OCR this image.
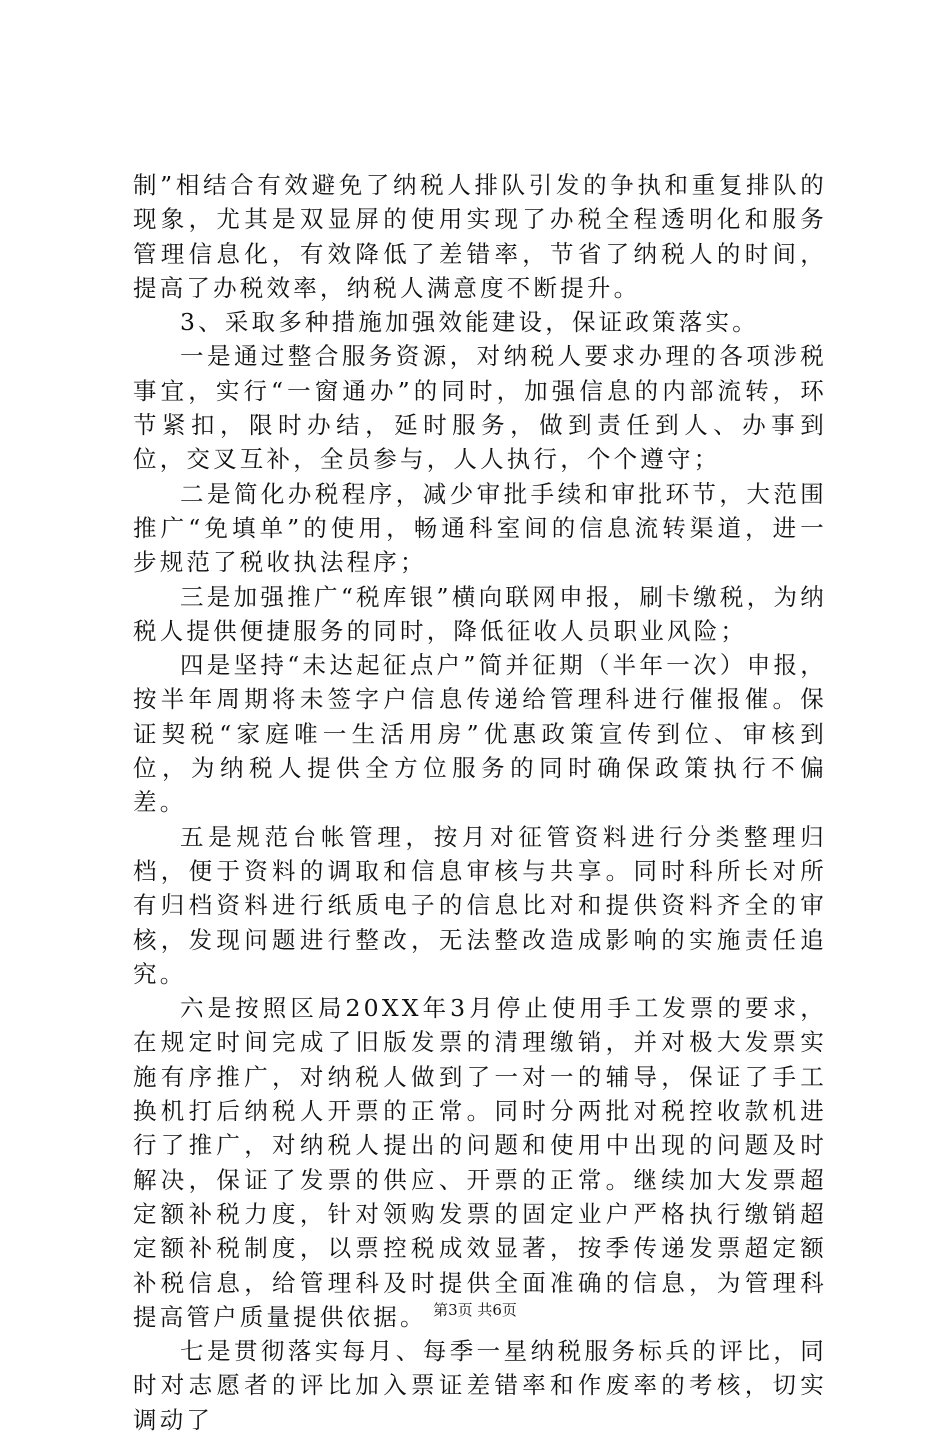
制”相结合有效避免了纳税人排队引发的争执和重复排队的现象，尤其是双显屏的使用实现了办税全程透明化和服务管理信息化，有效降低了差错率，节省了纳税人的时间，提高了办税效率，纳税人满意度不断提升。

3、采取多种措施加强效能建设，保证政策落实。

一是通过整合服务资源，对纳税人要求办理的各项涉税事宜，实行“一窗通办”的同时，加强信息的内部流转，环节紧扣，限时办结，延时服务，做到责任到人、办事到位，交叉互补，全员参与，人人执行，个个遵守；

二是简化办税程序，减少审批手续和审批环节，大范围推广“免填单”的使用，畅通科室间的信息流转渠道，进一步规范了税收执法程序；

三是加强推广“税库银”横向联网申报，刷卡缴税，为纳税人提供便捷服务的同时，降低征收人员职业风险；

四是坚持“未达起征点户”简并征期（半年一次）申报，按半年周期将未签字户信息传递给管理科进行催报催。保证契税“家庭唯一生活用房”优惠政策宣传到位、审核到位，为纳税人提供全方位服务的同时确保政策执行不偏差。

五是规范台帐管理，按月对征管资料进行分类整理归档，便于资料的调取和信息审核与共享。同时科所长对所有归档资料进行纸质电子的信息比对和提供资料齐全的审核，发现问题进行整改，无法整改造成影响的实施责任追究。

六是按照区局20XX年3月停止使用手工发票的要求，在规定时间完成了旧版发票的清理缴销，并对极大发票实施有序推广，对纳税人做到了一对一的辅导，保证了手工换机打后纳税人开票的正常。同时分两批对税控收款机进行了推广，对纳税人提出的问题和使用中出现的问题及时解决，保证了发票的供应、开票的正常。继续加大发票超定额补税力度，针对领购发票的固定业户严格执行缴销超定额补税制度，以票控税成效显著，按季传递发票超定额补税信息，给管理科及时提供全面准确的信息，为管理科提高管户质量提供依据。

七是贯彻落实每月、每季一星纳税服务标兵的评比，同时对志愿者的评比加入票证差错率和作废率的考核，切实调动了

第3页 共6页
